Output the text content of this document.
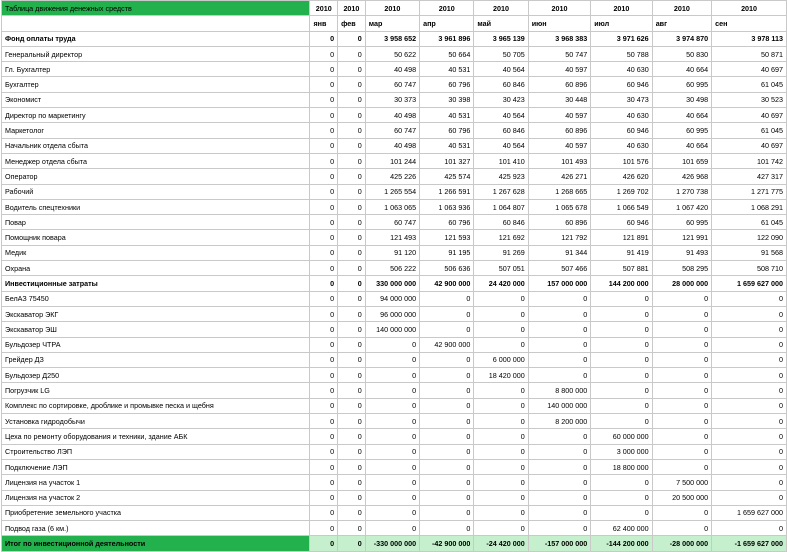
Таблица движения денежных средств	2010	2010	2010	2010	2010	2010	2010	2010	2010
	янв	фев	мар	апр	май	июн	июл	авг	сен
Фонд оплаты труда	0	0	3 958 652	3 961 896	3 965 139	3 968 383	3 971 626	3 974 870	3 978 113
Генеральный директор	0	0	50 622	50 664	50 705	50 747	50 788	50 830	50 871
Гл. Бухгалтер	0	0	40 498	40 531	40 564	40 597	40 630	40 664	40 697
Бухгалтер	0	0	60 747	60 796	60 846	60 896	60 946	60 995	61 045
Экономист	0	0	30 373	30 398	30 423	30 448	30 473	30 498	30 523
Директор по маркетингу	0	0	40 498	40 531	40 564	40 597	40 630	40 664	40 697
Маркетолог	0	0	60 747	60 796	60 846	60 896	60 946	60 995	61 045
Начальник отдела сбыта	0	0	40 498	40 531	40 564	40 597	40 630	40 664	40 697
Менеджер отдела сбыта	0	0	101 244	101 327	101 410	101 493	101 576	101 659	101 742
Оператор	0	0	425 226	425 574	425 923	426 271	426 620	426 968	427 317
Рабочий	0	0	1 265 554	1 266 591	1 267 628	1 268 665	1 269 702	1 270 738	1 271 775
Водитель спецтехники	0	0	1 063 065	1 063 936	1 064 807	1 065 678	1 066 549	1 067 420	1 068 291
Повар	0	0	60 747	60 796	60 846	60 896	60 946	60 995	61 045
Помощник повара	0	0	121 493	121 593	121 692	121 792	121 891	121 991	122 090
Медик	0	0	91 120	91 195	91 269	91 344	91 419	91 493	91 568
Охрана	0	0	506 222	506 636	507 051	507 466	507 881	508 295	508 710
Инвестиционные затраты	0	0	330 000 000	42 900 000	24 420 000	157 000 000	144 200 000	28 000 000	1 659 627 000
БелАЗ 75450	0	0	94 000 000	0	0	0	0	0	0
Экскаватор ЭКГ	0	0	96 000 000	0	0	0	0	0	0
Экскаватор ЭШ	0	0	140 000 000	0	0	0	0	0	0
Бульдозер ЧТРА	0	0	0	42 900 000	0	0	0	0	0
Грейдер ДЗ	0	0	0	0	6 000 000	0	0	0	0
Бульдозер Д250	0	0	0	0	18 420 000	0	0	0	0
Погрузчик LG	0	0	0	0	0	8 800 000	0	0	0
Комплекс по сортировке, дроблике и промывке песка и щебня	0	0	0	0	0	140 000 000	0	0	0
Установка гидродобычи	0	0	0	0	0	8 200 000	0	0	0
Цеха по ремонту оборудования и техники, здание АБК	0	0	0	0	0	0	60 000 000	0	0
Строительство ЛЭП	0	0	0	0	0	0	3 000 000	0	0
Подключение ЛЭП	0	0	0	0	0	0	18 800 000	0	0
Лицензия на участок 1	0	0	0	0	0	0	0	7 500 000	0
Лицензия на участок 2	0	0	0	0	0	0	0	20 500 000	0
Приобретение земельного участка	0	0	0	0	0	0	0	0	1 659 627 000
Подвод газа (6 км.)	0	0	0	0	0	0	62 400 000	0	0
Итог по инвестиционной деятельности	0	0	-330 000 000	-42 900 000	-24 420 000	-157 000 000	-144 200 000	-28 000 000	-1 659 627 000
